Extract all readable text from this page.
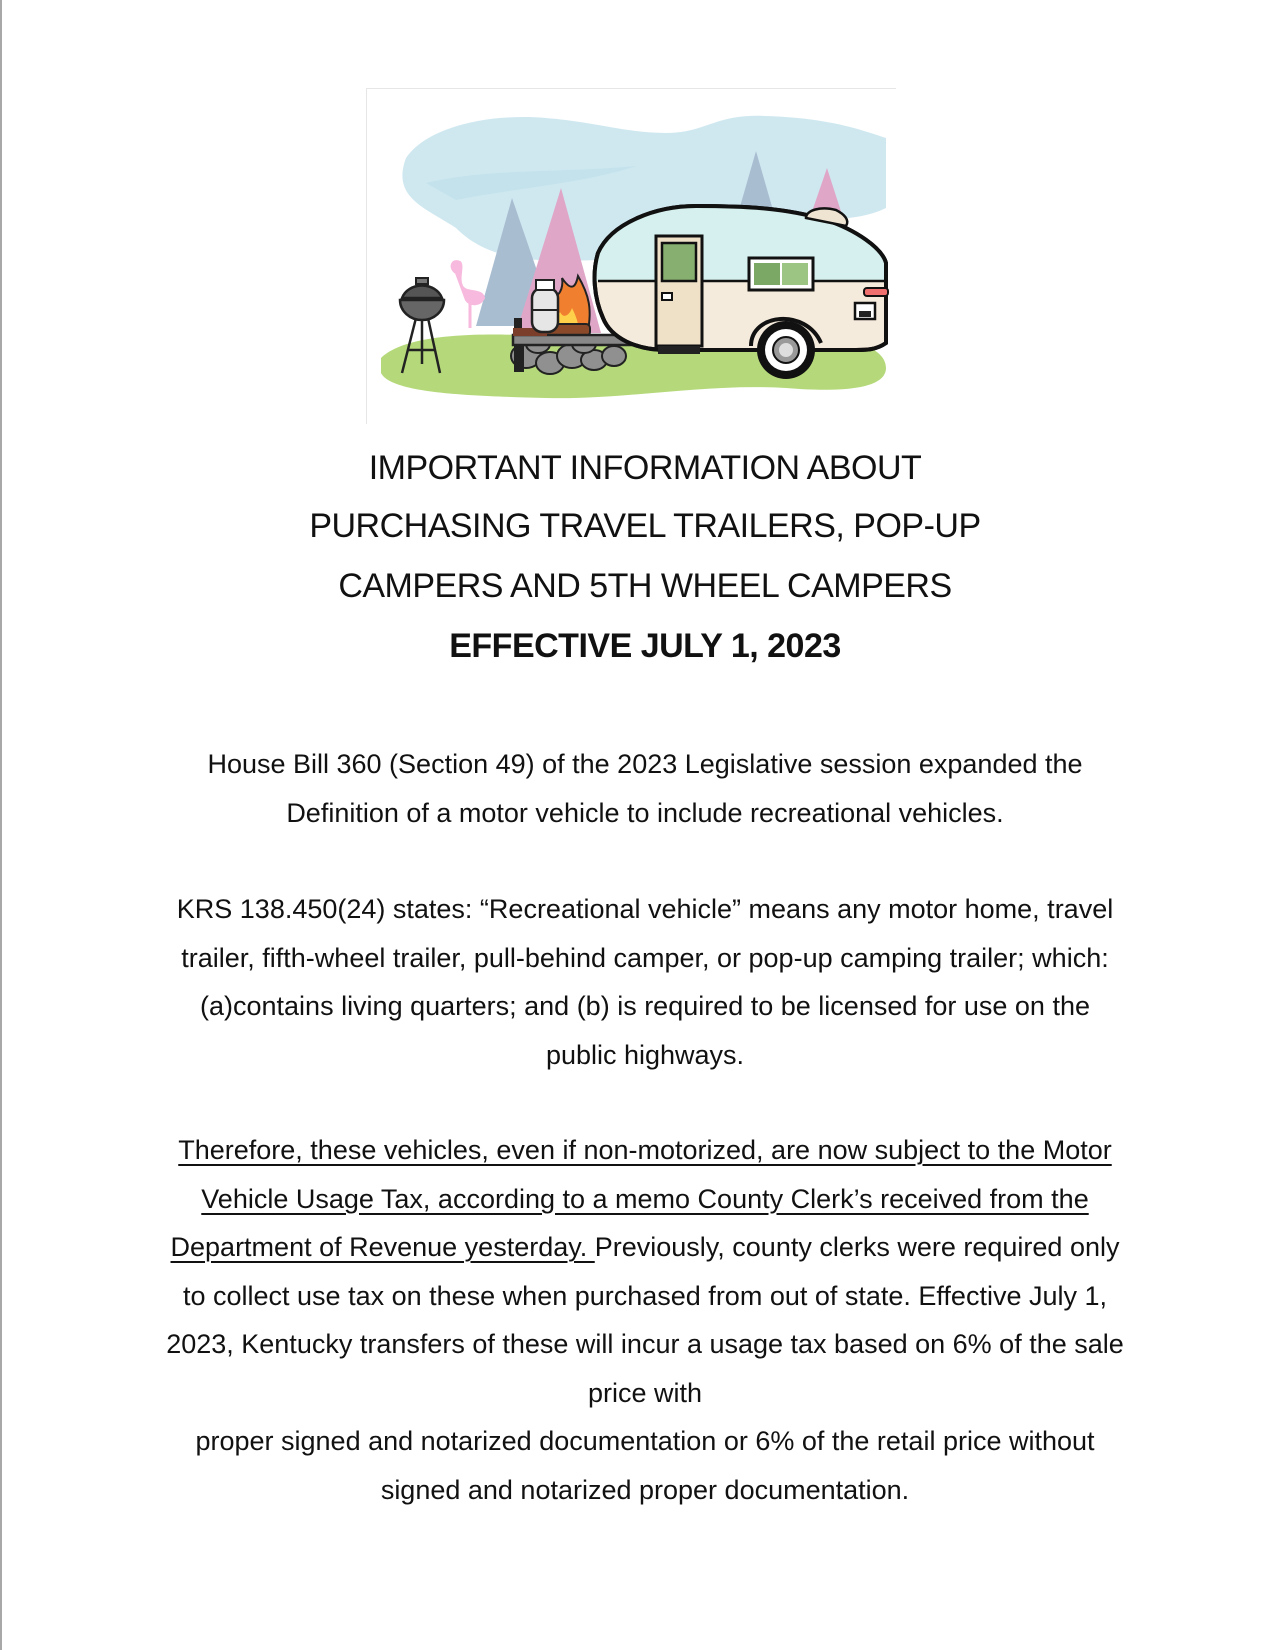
IMPORTANT INFORMATION ABOUT
PURCHASING TRAVEL TRAILERS, POP-UP
CAMPERS AND 5TH WHEEL CAMPERS
EFFECTIVE JULY 1, 2023
House Bill 360 (Section 49) of the 2023 Legislative session expanded the
Definition of a motor vehicle to include recreational vehicles.
KRS 138.450(24) states: “Recreational vehicle” means any motor home, travel
trailer, fifth-wheel trailer, pull-behind camper, or pop-up camping trailer; which:
(a)contains living quarters; and (b) is required to be licensed for use on the
public highways.
Therefore, these vehicles, even if non-motorized, are now subject to the Motor
Vehicle Usage Tax, according to a memo County Clerk’s received from the
Department of Revenue yesterday. Previously, county clerks were required only
to collect use tax on these when purchased from out of state. Effective July 1,
2023, Kentucky transfers of these will incur a usage tax based on 6% of the sale
price with
proper signed and notarized documentation or 6% of the retail price without
signed and notarized proper documentation.
